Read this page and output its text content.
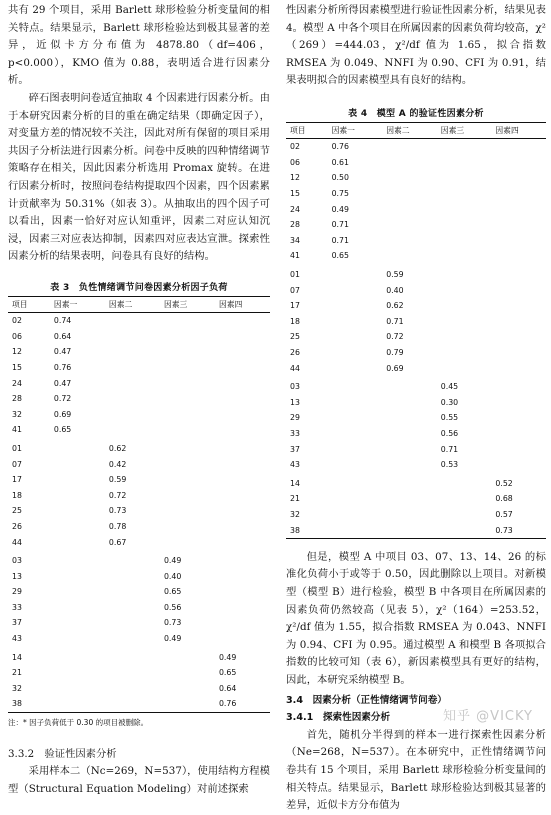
共有 29 个项目，采用 Barlett 球形检验分析变量间的相关特点。结果显示，Barlett 球形检验达到极其显著的差异，近似卡方分布值为 4878.80（df=406，p<0.000），KMO 值为 0.88，表明适合进行因素分析。

碎石图表明问卷适宜抽取 4 个因素进行因素分析。由于本研究因素分析的目的重在确定结果（即确定因子），对变量方差的情况较不关注，因此对所有保留的项目采用共因子分析法进行因素分析。问卷中反映的四种情绪调节策略存在相关，因此因素分析选用 Promax 旋转。在进行因素分析时，按照问卷结构提取四个因素，四个因素累计贡献率为 50.31%（如表 3）。从抽取出的四个因子可以看出，因素一恰好对应认知重评，因素二对应认知沉浸，因素三对应表达抑制，因素四对应表达宣泄。探索性因素分析的结果表明，问卷具有良好的结构。

表 3　负性情绪调节问卷因素分析因子负荷
项目	因素一	因素二	因素三	因素四
02	0.74			
06	0.64			
12	0.47			
15	0.76			
24	0.47			
28	0.72			
32	0.69			
41	0.65			
01		0.62		
07		0.42		
17		0.59		
18		0.72		
25		0.73		
26		0.78		
44		0.67		
03			0.49	
13			0.40	
29			0.65	
33			0.56	
37			0.73	
43			0.49	
14				0.49
21				0.65
32				0.64
38				0.76
注：* 因子负荷低于 0.30 的项目被删除。
3.3.2　验证性因素分析

采用样本二（Nc=269，N=537），使用结构方程模型（Structural Equation Modeling）对前述探索

性因素分析所得因素模型进行验证性因素分析，结果见表 4。模型 A 中各个项目在所属因素的因素负荷均较高，χ²（269）=444.03，χ²/df 值为 1.65，拟合指数 RMSEA 为 0.049、NNFI 为 0.90、CFI 为 0.91，结果表明拟合的因素模型具有良好的结构。

表 4　模型 A 的验证性因素分析
项目	因素一	因素二	因素三	因素四
02	0.76			
06	0.61			
12	0.50			
15	0.75			
24	0.49			
28	0.71			
34	0.71			
41	0.65			
01		0.59		
07		0.40		
17		0.62		
18		0.71		
25		0.72		
26		0.79		
44		0.69		
03			0.45	
13			0.30	
29			0.55	
33			0.56	
37			0.71	
43			0.53	
14				0.52
21				0.68
32				0.57
38				0.73

但是，模型 A 中项目 03、07、13、14、26 的标准化负荷小于或等于 0.50，因此删除以上项目。对新模型（模型 B）进行检验，模型 B 中各项目在所属因素的因素负荷仍然较高（见表 5），χ²（164）=253.52，χ²/df 值为 1.55，拟合指数 RMSEA 为 0.043、NNFI 为 0.94、CFI 为 0.95。通过模型 A 和模型 B 各项拟合指数的比较可知（表 6），新因素模型具有更好的结构，因此，本研究采纳模型 B。

3.4　因素分析（正性情绪调节问卷）
3.4.1　探索性因素分析

首先，随机分半得到的样本一进行探索性因素分析（Ne=268，N=537）。在本研究中，正性情绪调节问卷共有 15 个项目，采用 Barlett 球形检验分析变量间的相关特点。结果显示，Barlett 球形检验达到极其显著的差异，近似卡方分布值为

知乎 @VICKY
